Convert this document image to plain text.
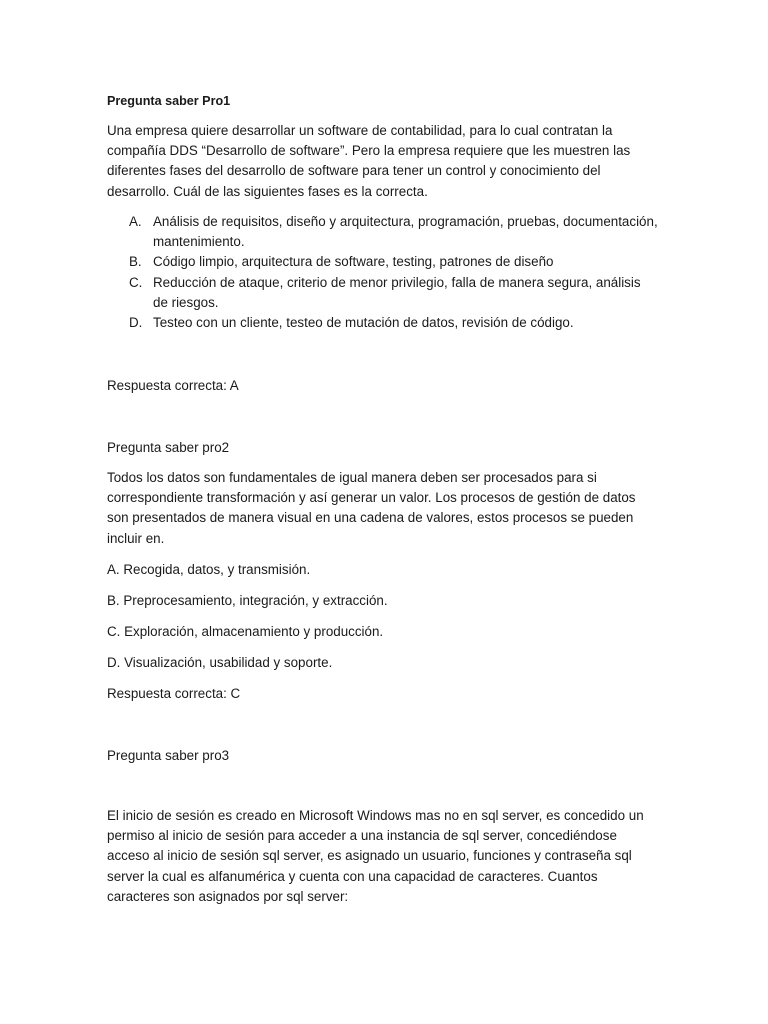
Pregunta saber Pro1

Una empresa quiere desarrollar un software de contabilidad, para lo cual contratan la compañía DDS “Desarrollo de software”. Pero la empresa requiere que les muestren las diferentes fases del desarrollo de software para tener un control y conocimiento del desarrollo. Cuál de las siguientes fases es la correcta.

A. Análisis de requisitos, diseño y arquitectura, programación, pruebas, documentación, mantenimiento.
B. Código limpio, arquitectura de software, testing, patrones de diseño
C. Reducción de ataque, criterio de menor privilegio, falla de manera segura, análisis de riesgos.
D. Testeo con un cliente, testeo de mutación de datos, revisión de código.

Respuesta correcta: A

Pregunta saber pro2

Todos los datos son fundamentales de igual manera deben ser procesados para si correspondiente transformación y así generar un valor. Los procesos de gestión de datos son presentados de manera visual en una cadena de valores, estos procesos se pueden incluir en.

A. Recogida, datos, y transmisión.

B. Preprocesamiento, integración, y extracción.

C. Exploración, almacenamiento y producción.

D. Visualización, usabilidad y soporte.

Respuesta correcta: C

Pregunta saber pro3

El inicio de sesión es creado en Microsoft Windows mas no en sql server, es concedido un permiso al inicio de sesión para acceder a una instancia de sql server, concediéndose acceso al inicio de sesión sql server, es asignado un usuario, funciones y contraseña sql server la cual es alfanumérica y cuenta con una capacidad de caracteres. Cuantos caracteres son asignados por sql server:
